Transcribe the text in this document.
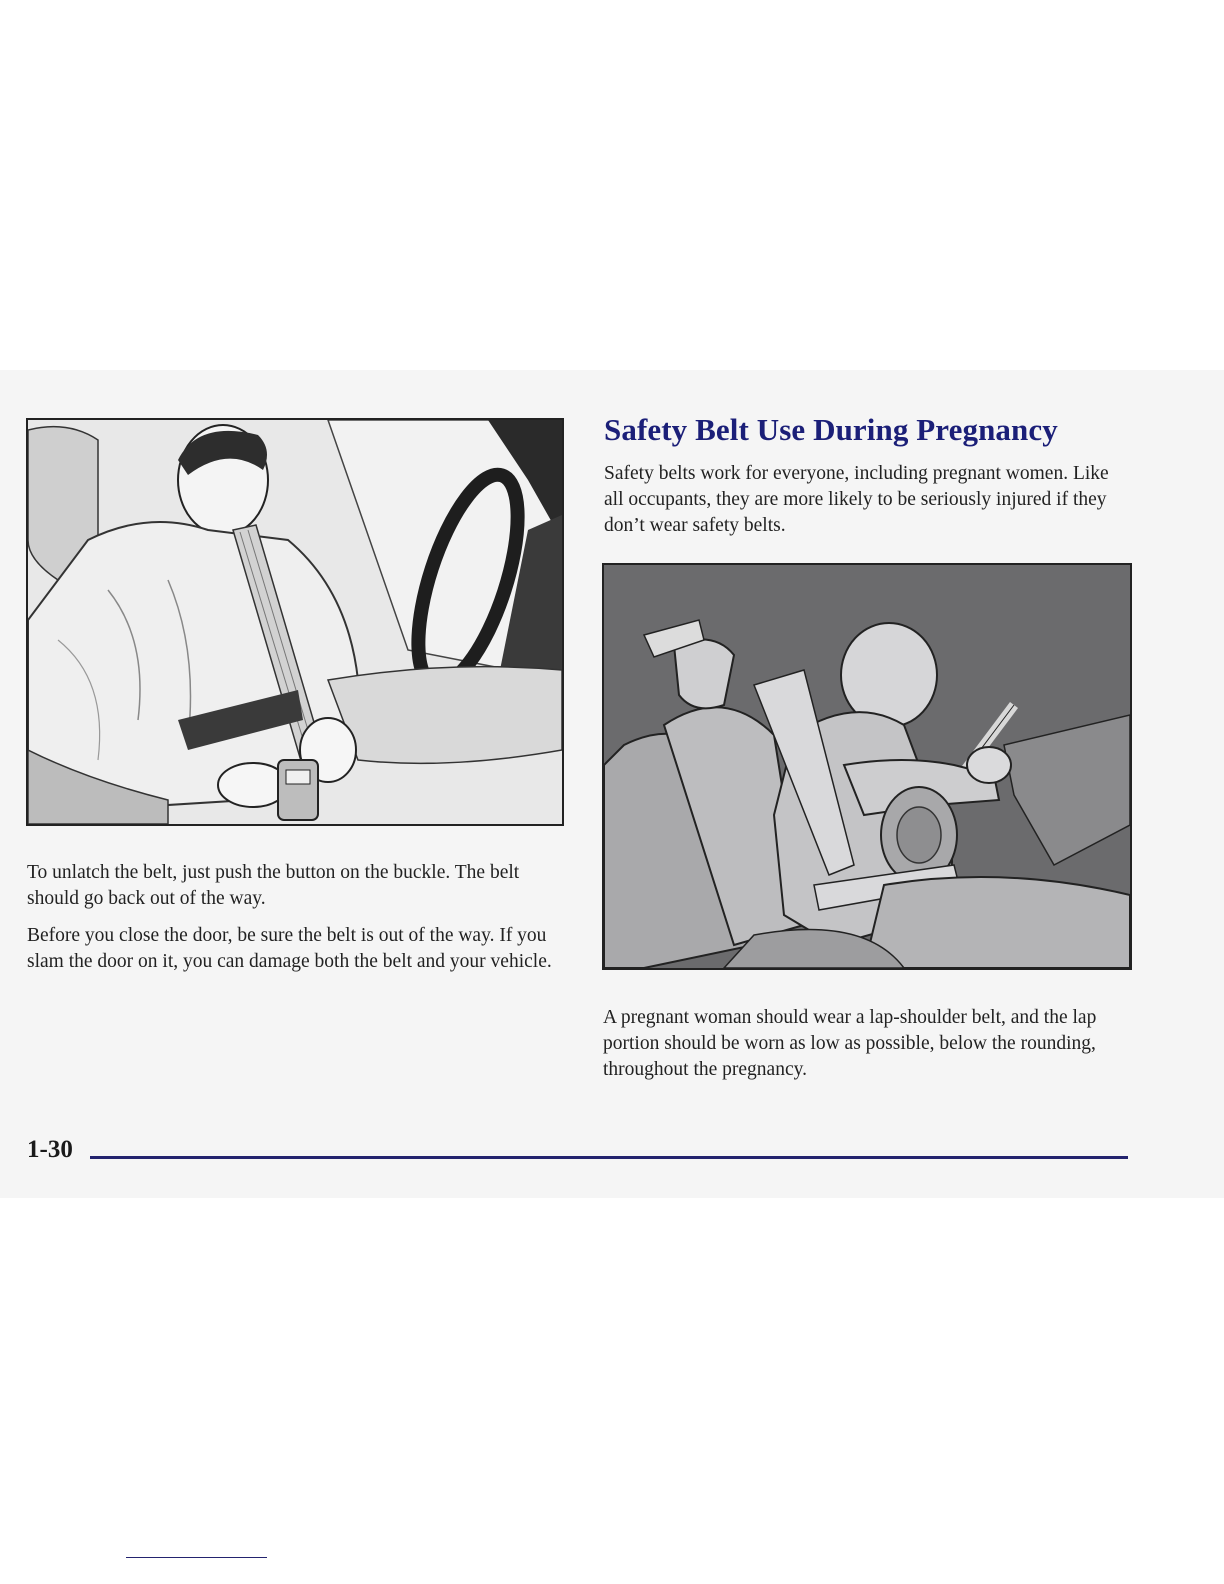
Safety Belt Use During Pregnancy

Safety belts work for everyone, including pregnant women. Like all occupants, they are more likely to be seriously injured if they don’t wear safety belts.

To unlatch the belt, just push the button on the buckle. The belt should go back out of the way.

Before you close the door, be sure the belt is out of the way. If you slam the door on it, you can damage both the belt and your vehicle.

A pregnant woman should wear a lap-shoulder belt, and the lap portion should be worn as low as possible, below the rounding, throughout the pregnancy.

1-30
